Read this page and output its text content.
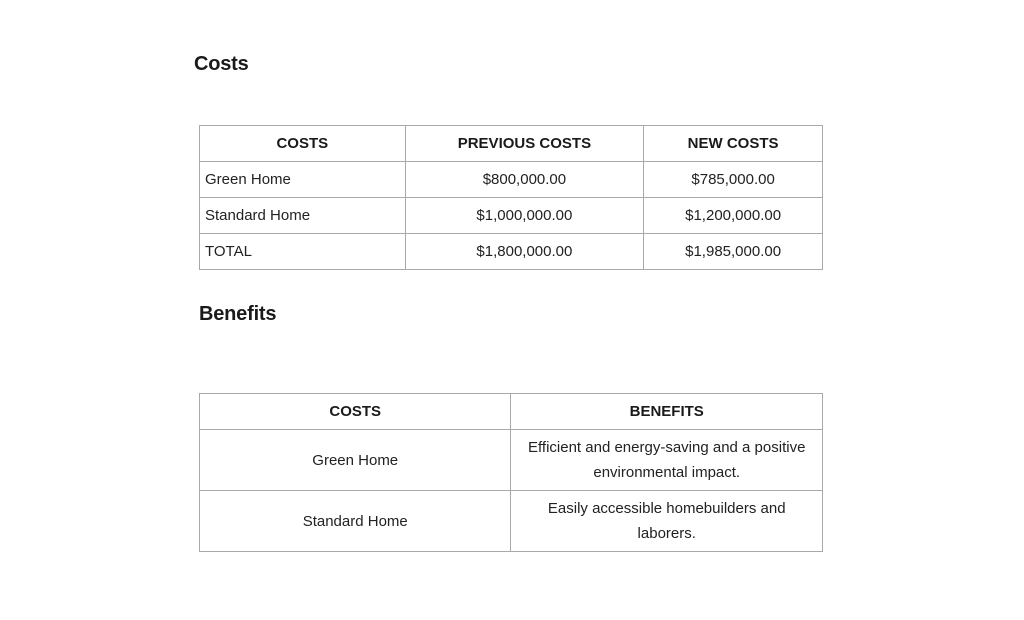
Costs
COSTS	PREVIOUS COSTS	NEW COSTS
Green Home	$800,000.00	$785,000.00
Standard Home	$1,000,000.00	$1,200,000.00
TOTAL	$1,800,000.00	$1,985,000.00
Benefits
COSTS	BENEFITS
Green Home	Efficient and energy-saving and a positive environmental impact.
Standard Home	Easily accessible homebuilders and laborers.
